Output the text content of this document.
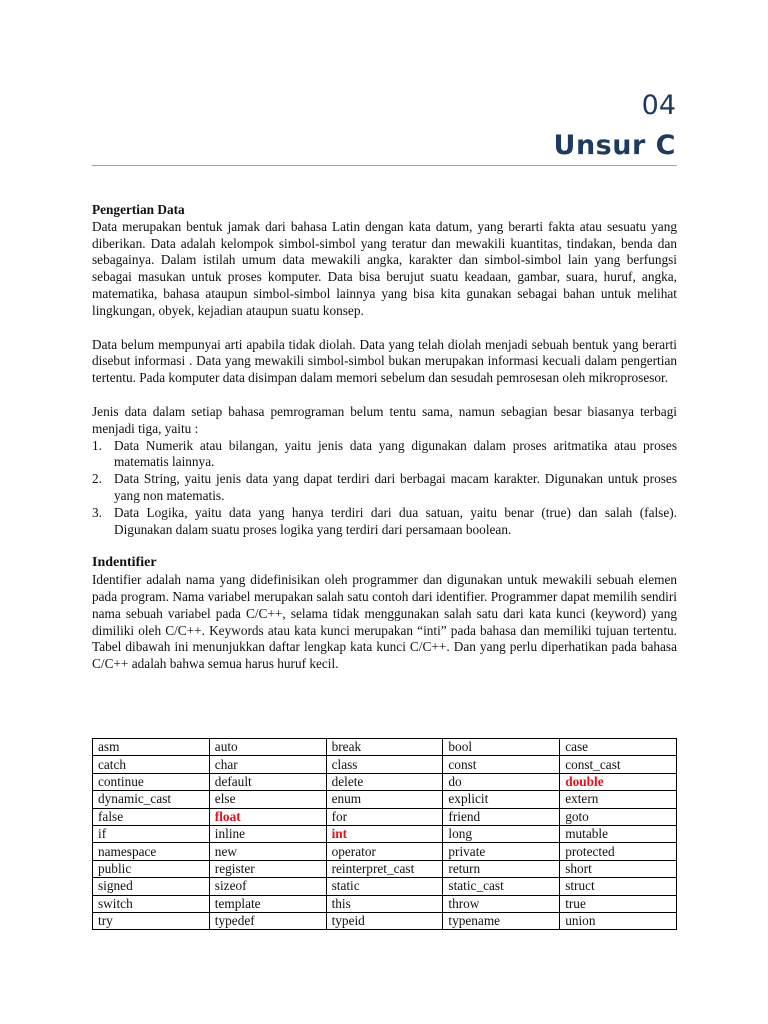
04
Unsur C

Pengertian Data

Data merupakan bentuk jamak dari bahasa Latin dengan kata datum, yang berarti fakta atau sesuatu yang diberikan. Data adalah kelompok simbol-simbol yang teratur dan mewakili kuantitas, tindakan, benda dan sebagainya. Dalam istilah umum data mewakili angka, karakter dan simbol-simbol lain yang berfungsi sebagai masukan untuk proses komputer. Data bisa berujut suatu keadaan, gambar, suara, huruf, angka, matematika, bahasa ataupun simbol-simbol lainnya yang bisa kita gunakan sebagai bahan untuk melihat lingkungan, obyek, kejadian ataupun suatu konsep.

Data belum mempunyai arti apabila tidak diolah. Data yang telah diolah menjadi sebuah bentuk yang berarti disebut informasi . Data yang mewakili simbol-simbol bukan merupakan informasi kecuali dalam pengertian tertentu. Pada komputer data disimpan dalam memori sebelum dan sesudah pemrosesan oleh mikroprosesor.

Jenis data dalam setiap bahasa pemrograman belum tentu sama, namun sebagian besar biasanya terbagi menjadi tiga, yaitu :

1. Data Numerik atau bilangan, yaitu jenis data yang digunakan dalam proses aritmatika atau proses matematis lainnya.
2. Data String, yaitu jenis data yang dapat terdiri dari berbagai macam karakter. Digunakan untuk proses yang non matematis.
3. Data Logika, yaitu data yang hanya terdiri dari dua satuan, yaitu benar (true) dan salah (false). Digunakan dalam suatu proses logika yang terdiri dari persamaan boolean.

Indentifier

Identifier adalah nama yang didefinisikan oleh programmer dan digunakan untuk mewakili sebuah elemen pada program. Nama variabel merupakan salah satu contoh dari identifier. Programmer dapat memilih sendiri nama sebuah variabel pada C/C++, selama tidak menggunakan salah satu dari kata kunci (keyword) yang dimiliki oleh C/C++. Keywords atau kata kunci merupakan “inti” pada bahasa dan memiliki tujuan tertentu. Tabel dibawah ini menunjukkan daftar lengkap kata kunci C/C++. Dan yang perlu diperhatikan pada bahasa C/C++ adalah bahwa semua harus huruf kecil.

asm	auto	break	bool	case
catch	char	class	const	const_cast
continue	default	delete	do	double
dynamic_cast	else	enum	explicit	extern
false	float	for	friend	goto
if	inline	int	long	mutable
namespace	new	operator	private	protected
public	register	reinterpret_cast	return	short
signed	sizeof	static	static_cast	struct
switch	template	this	throw	true
try	typedef	typeid	typename	union
